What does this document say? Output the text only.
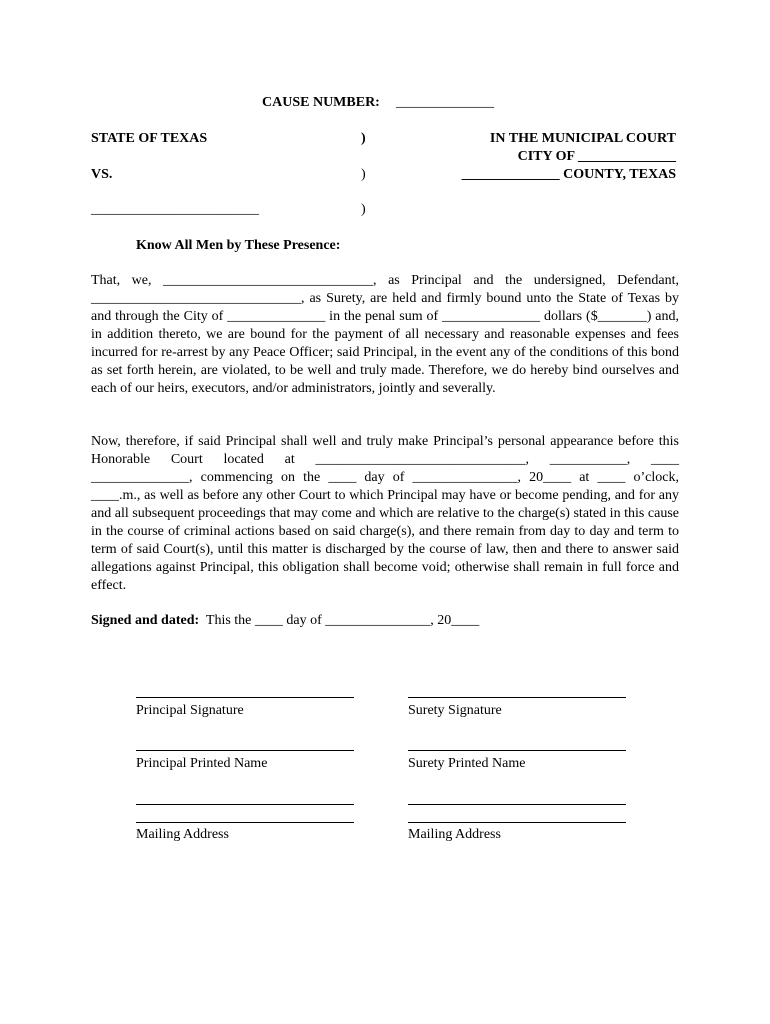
CAUSE NUMBER: ______________
STATE OF TEXAS
VS.
________________________
)
)
)
IN THE MUNICIPAL COURT
CITY OF ______________
______________ COUNTY, TEXAS
Know All Men by These Presence:
That, we, ______________________________, as Principal and the undersigned, Defendant, ______________________________, as Surety, are held and firmly bound unto the State of Texas by and through the City of ______________ in the penal sum of ______________ dollars ($_______) and, in addition thereto, we are bound for the payment of all necessary and reasonable expenses and fees incurred for re-arrest by any Peace Officer; said Principal, in the event any of the conditions of this bond as set forth herein, are violated, to be well and truly made. Therefore, we do hereby bind ourselves and each of our heirs, executors, and/or administrators, jointly and severally.
Now, therefore, if said Principal shall well and truly make Principal’s personal appearance before this Honorable Court located at ______________________________, ___________, ____ ______________, commencing on the ____ day of _______________, 20____ at ____ o’clock, ____.m., as well as before any other Court to which Principal may have or become pending, and for any and all subsequent proceedings that may come and which are relative to the charge(s) stated in this cause in the course of criminal actions based on said charge(s), and there remain from day to day and term to term of said Court(s), until this matter is discharged by the course of law, then and there to answer said allegations against Principal, this obligation shall become void; otherwise shall remain in full force and effect.
Signed and dated: This the ____ day of _______________, 20____
Principal Signature
Principal Printed Name
Mailing Address
Surety Signature
Surety Printed Name
Mailing Address
